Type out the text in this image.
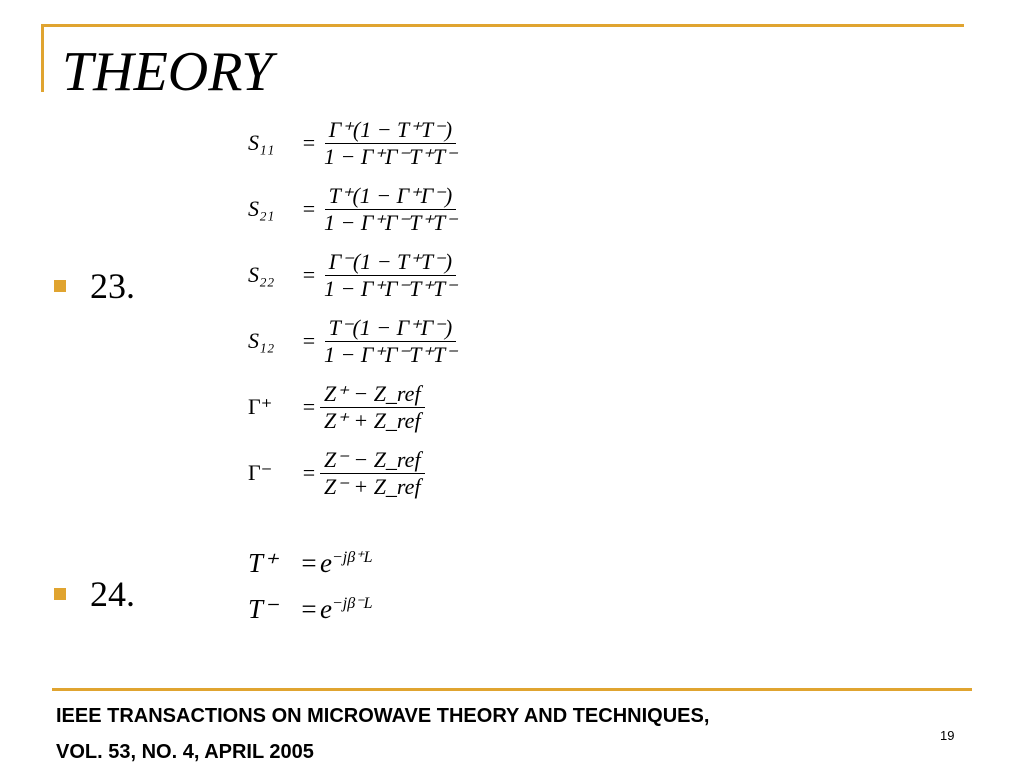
THEORY
23.
24.
S₁₁	= $\frac{\Gamma^+(1 - T^+T^-)}{1 - \Gamma^+\Gamma^-T^+T^-}$
S₂₁	= $\frac{T^+(1 - \Gamma^+\Gamma^-)}{1 - \Gamma^+\Gamma^-T^+T^-}$
S₂₂	= $\frac{\Gamma^-(1 - T^+T^-)}{1 - \Gamma^+\Gamma^-T^+T^-}$
S₁₂	= $\frac{T^-(1 - \Gamma^+\Gamma^-)}{1 - \Gamma^+\Gamma^-T^+T^-}$
Γ⁺	= $\frac{\text{Z⁺ − Z\_ref}}{\text{Z⁺ + Z\_ref}}$
Γ⁻	= $\frac{\text{Z⁻ − Z\_ref}}{\text{Z⁻ + Z\_ref}}$
$T^+ = e^{-j\beta^+L}$
$T^- = e^{-j\beta^-L}$
IEEE TRANSACTIONS ON MICROWAVE THEORY AND TECHNIQUES,
VOL. 53, NO. 4, APRIL 2005
19
